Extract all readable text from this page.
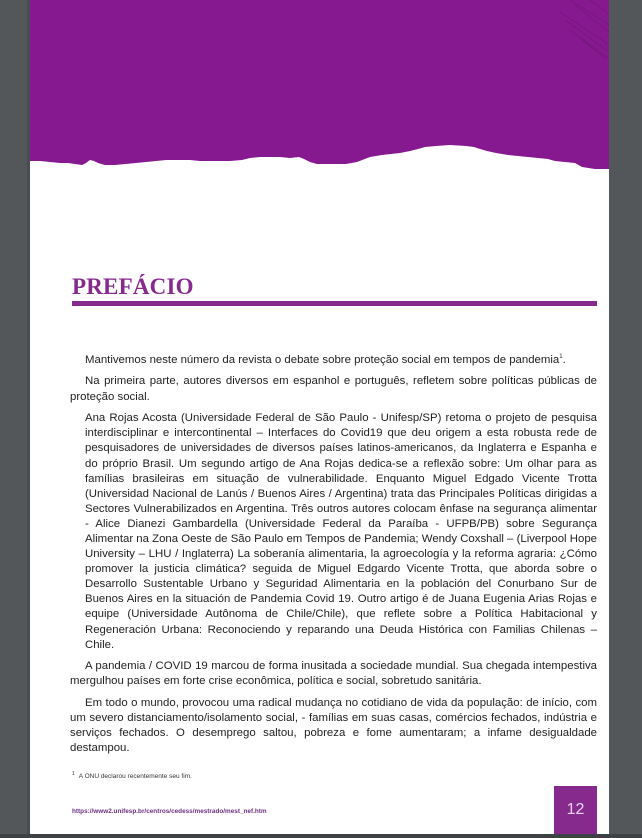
PREFÁCIO

Mantivemos neste número da revista o debate sobre proteção social em tempos de pandemia$^1$.

Na primeira parte, autores diversos em espanhol e português, refletem sobre políticas públicas de proteção social.

Ana Rojas Acosta (Universidade Federal de São Paulo - Unifesp/SP) retoma o projeto de pesquisa interdisciplinar e intercontinental – Interfaces do Covid19 que deu origem a esta robusta rede de pesquisadores de universidades de diversos países latinos-americanos, da Inglaterra e Espanha e do próprio Brasil. Um segundo artigo de Ana Rojas dedica-se a reflexão sobre: Um olhar para as famílias brasileiras em situação de vulnerabilidade. Enquanto Miguel Edgado Vicente Trotta (Universidad Nacional de Lanús / Buenos Aires / Argentina) trata das Principales Políticas dirigidas a Sectores Vulnerabilizados en Argentina. Três outros autores colocam ênfase na segurança alimentar - Alice Dianezi Gambardella (Universidade Federal da Paraíba - UFPB/PB) sobre Segurança Alimentar na Zona Oeste de São Paulo em Tempos de Pandemia; Wendy Coxshall – (Liverpool Hope University – LHU / Inglaterra) La soberanía alimentaria, la agroecología y la reforma agraria: ¿Cómo promover la justicia climática? seguida de Miguel Edgardo Vicente Trotta, que aborda sobre o Desarrollo Sustentable Urbano y Seguridad Alimentaria en la población del Conurbano Sur de Buenos Aires en la situación de Pandemia Covid 19. Outro artigo é de Juana Eugenia Arias Rojas e equipe (Universidade Autônoma de Chile/Chile), que reflete sobre a Política Habitacional y Regeneración Urbana: Reconociendo y reparando una Deuda Histórica con Familias Chilenas – Chile.

A pandemia / COVID 19 marcou de forma inusitada a sociedade mundial. Sua chegada intempestiva mergulhou países em forte crise econômica, política e social, sobretudo sanitária.

Em todo o mundo, provocou uma radical mudança no cotidiano de vida da população: de início, com um severo distanciamento/isolamento social, - famílias em suas casas, comércios fechados, indústria e serviços fechados. O desemprego saltou, pobreza e fome aumentaram; a infame desigualdade destampou.

$^1$ A ONU declarou recentemente seu fim.
https://www2.unifesp.br/centros/cedess/mestrado/mest_nef.htm	12
